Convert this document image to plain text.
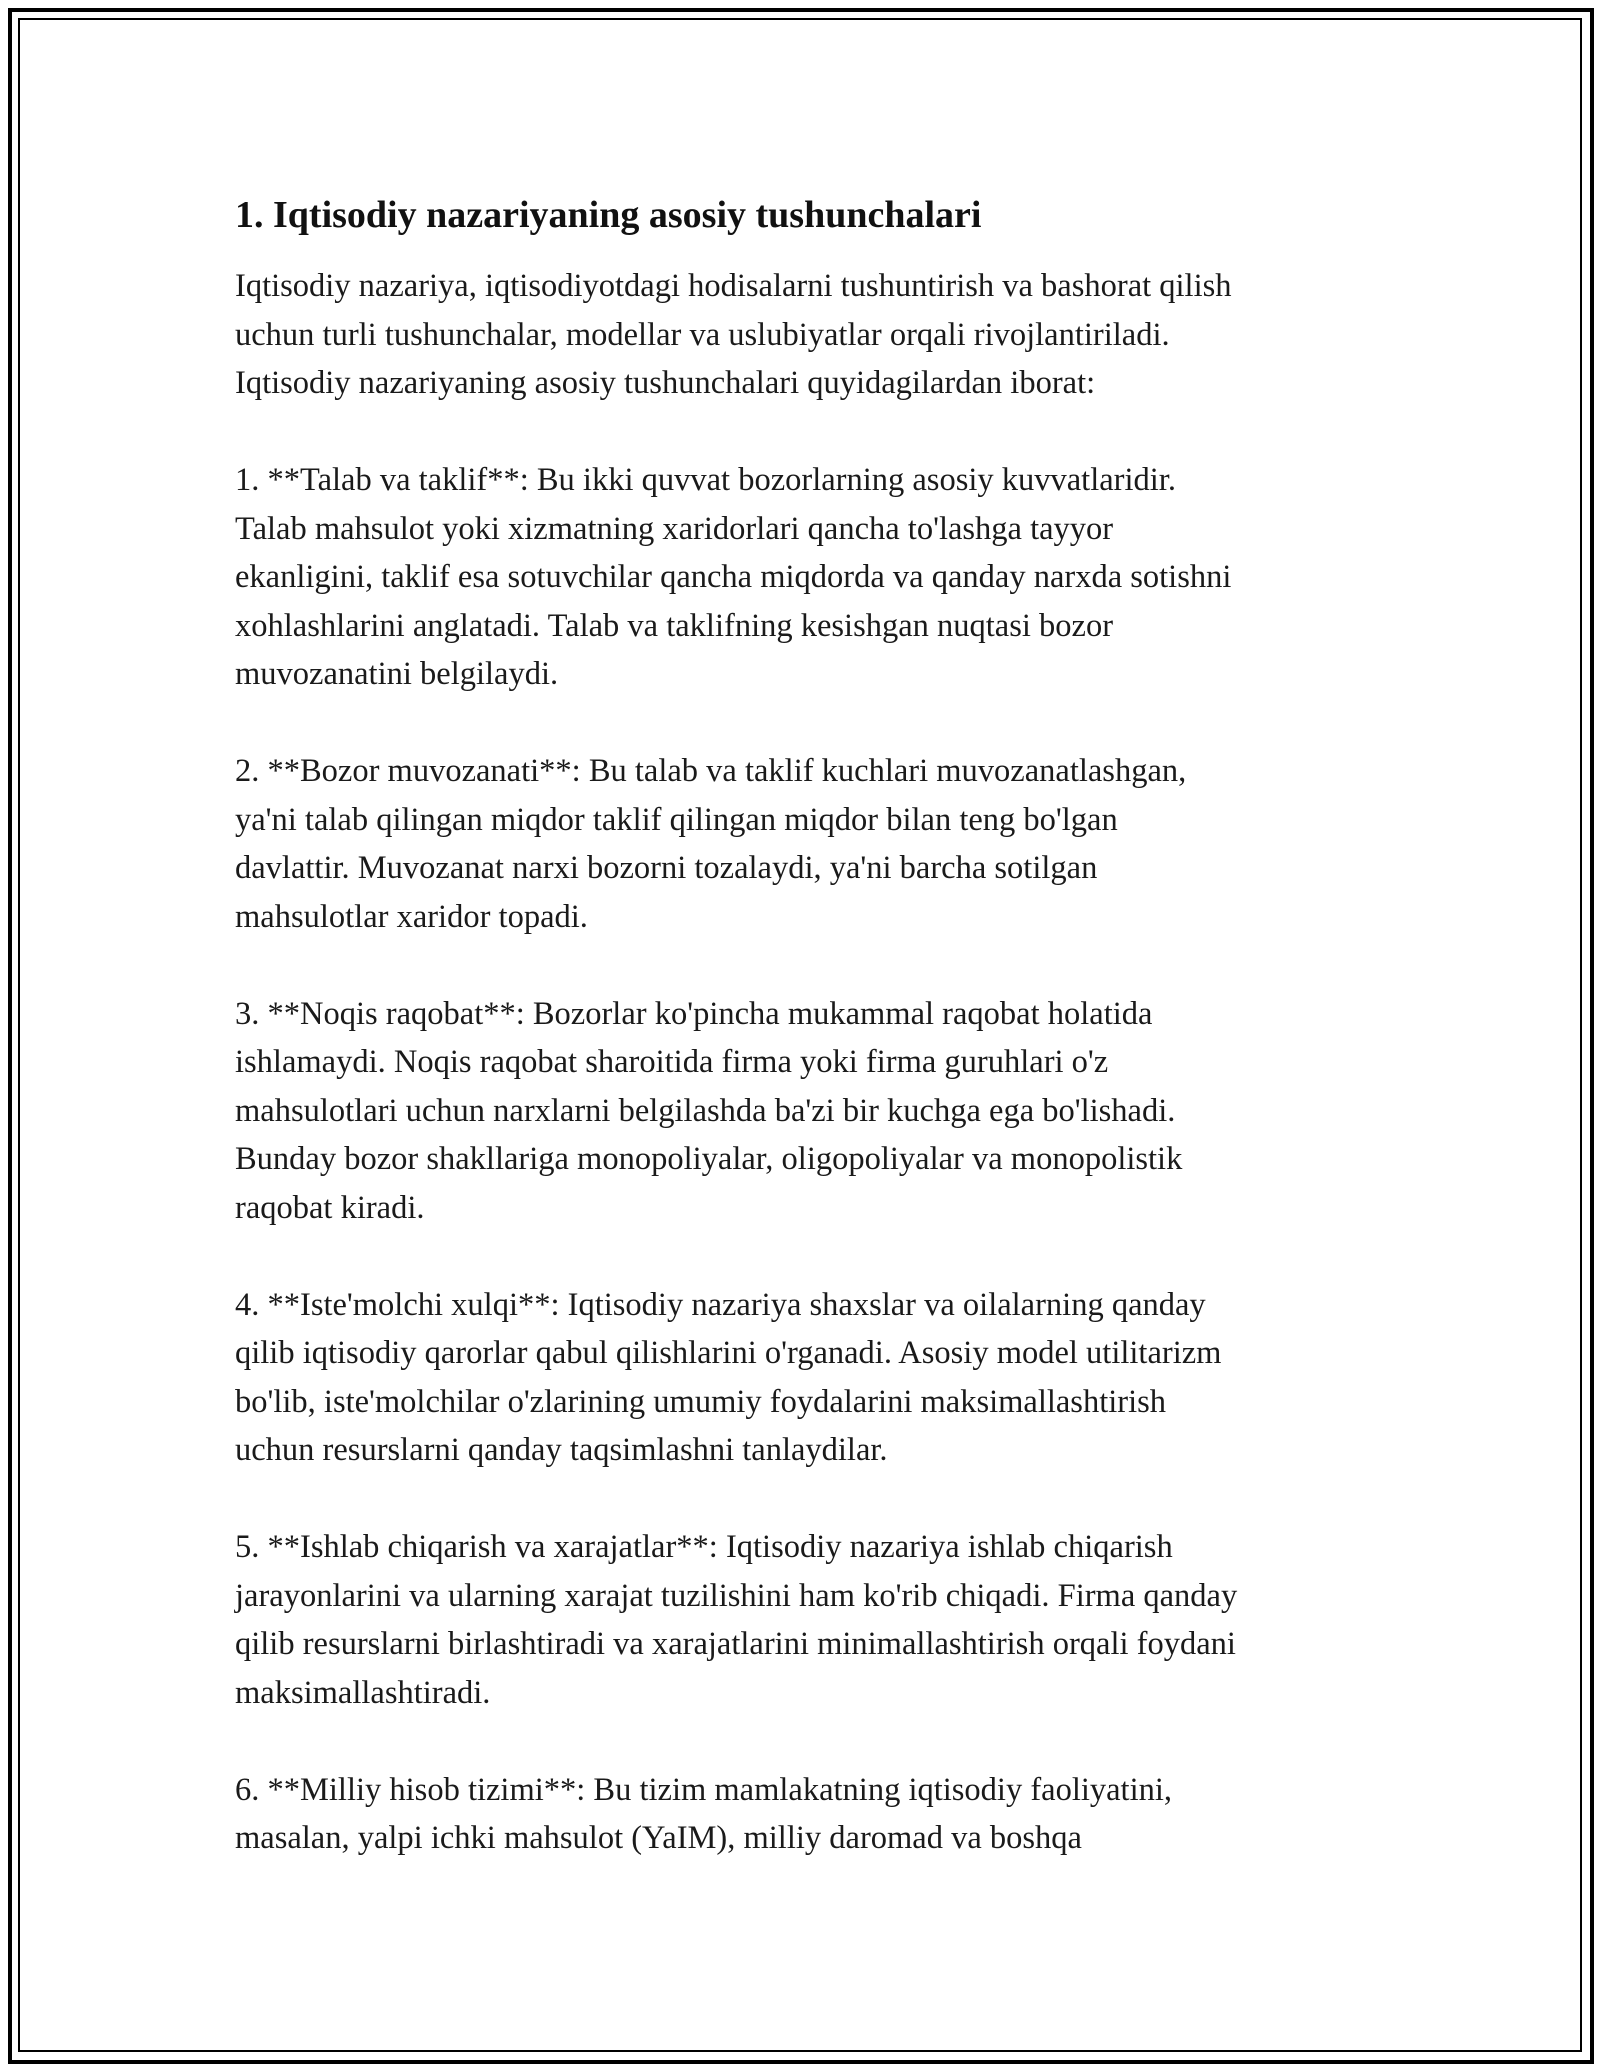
1. Iqtisodiy nazariyaning asosiy tushunchalari

Iqtisodiy nazariya, iqtisodiyotdagi hodisalarni tushuntirish va bashorat qilish
uchun turli tushunchalar, modellar va uslubiyatlar orqali rivojlantiriladi.
Iqtisodiy nazariyaning asosiy tushunchalari quyidagilardan iborat:

1. **Talab va taklif**: Bu ikki quvvat bozorlarning asosiy kuvvatlaridir.
Talab mahsulot yoki xizmatning xaridorlari qancha to'lashga tayyor
ekanligini, taklif esa sotuvchilar qancha miqdorda va qanday narxda sotishni
xohlashlarini anglatadi. Talab va taklifning kesishgan nuqtasi bozor
muvozanatini belgilaydi.

2. **Bozor muvozanati**: Bu talab va taklif kuchlari muvozanatlashgan,
ya'ni talab qilingan miqdor taklif qilingan miqdor bilan teng bo'lgan
davlattir. Muvozanat narxi bozorni tozalaydi, ya'ni barcha sotilgan
mahsulotlar xaridor topadi.

3. **Noqis raqobat**: Bozorlar ko'pincha mukammal raqobat holatida
ishlamaydi. Noqis raqobat sharoitida firma yoki firma guruhlari o'z
mahsulotlari uchun narxlarni belgilashda ba'zi bir kuchga ega bo'lishadi.
Bunday bozor shakllariga monopoliyalar, oligopoliyalar va monopolistik
raqobat kiradi.

4. **Iste'molchi xulqi**: Iqtisodiy nazariya shaxslar va oilalarning qanday
qilib iqtisodiy qarorlar qabul qilishlarini o'rganadi. Asosiy model utilitarizm
bo'lib, iste'molchilar o'zlarining umumiy foydalarini maksimallashtirish
uchun resurslarni qanday taqsimlashni tanlaydilar.

5. **Ishlab chiqarish va xarajatlar**: Iqtisodiy nazariya ishlab chiqarish
jarayonlarini va ularning xarajat tuzilishini ham ko'rib chiqadi. Firma qanday
qilib resurslarni birlashtiradi va xarajatlarini minimallashtirish orqali foydani
maksimallashtiradi.

6. **Milliy hisob tizimi**: Bu tizim mamlakatning iqtisodiy faoliyatini,
masalan, yalpi ichki mahsulot (YaIM), milliy daromad va boshqa
